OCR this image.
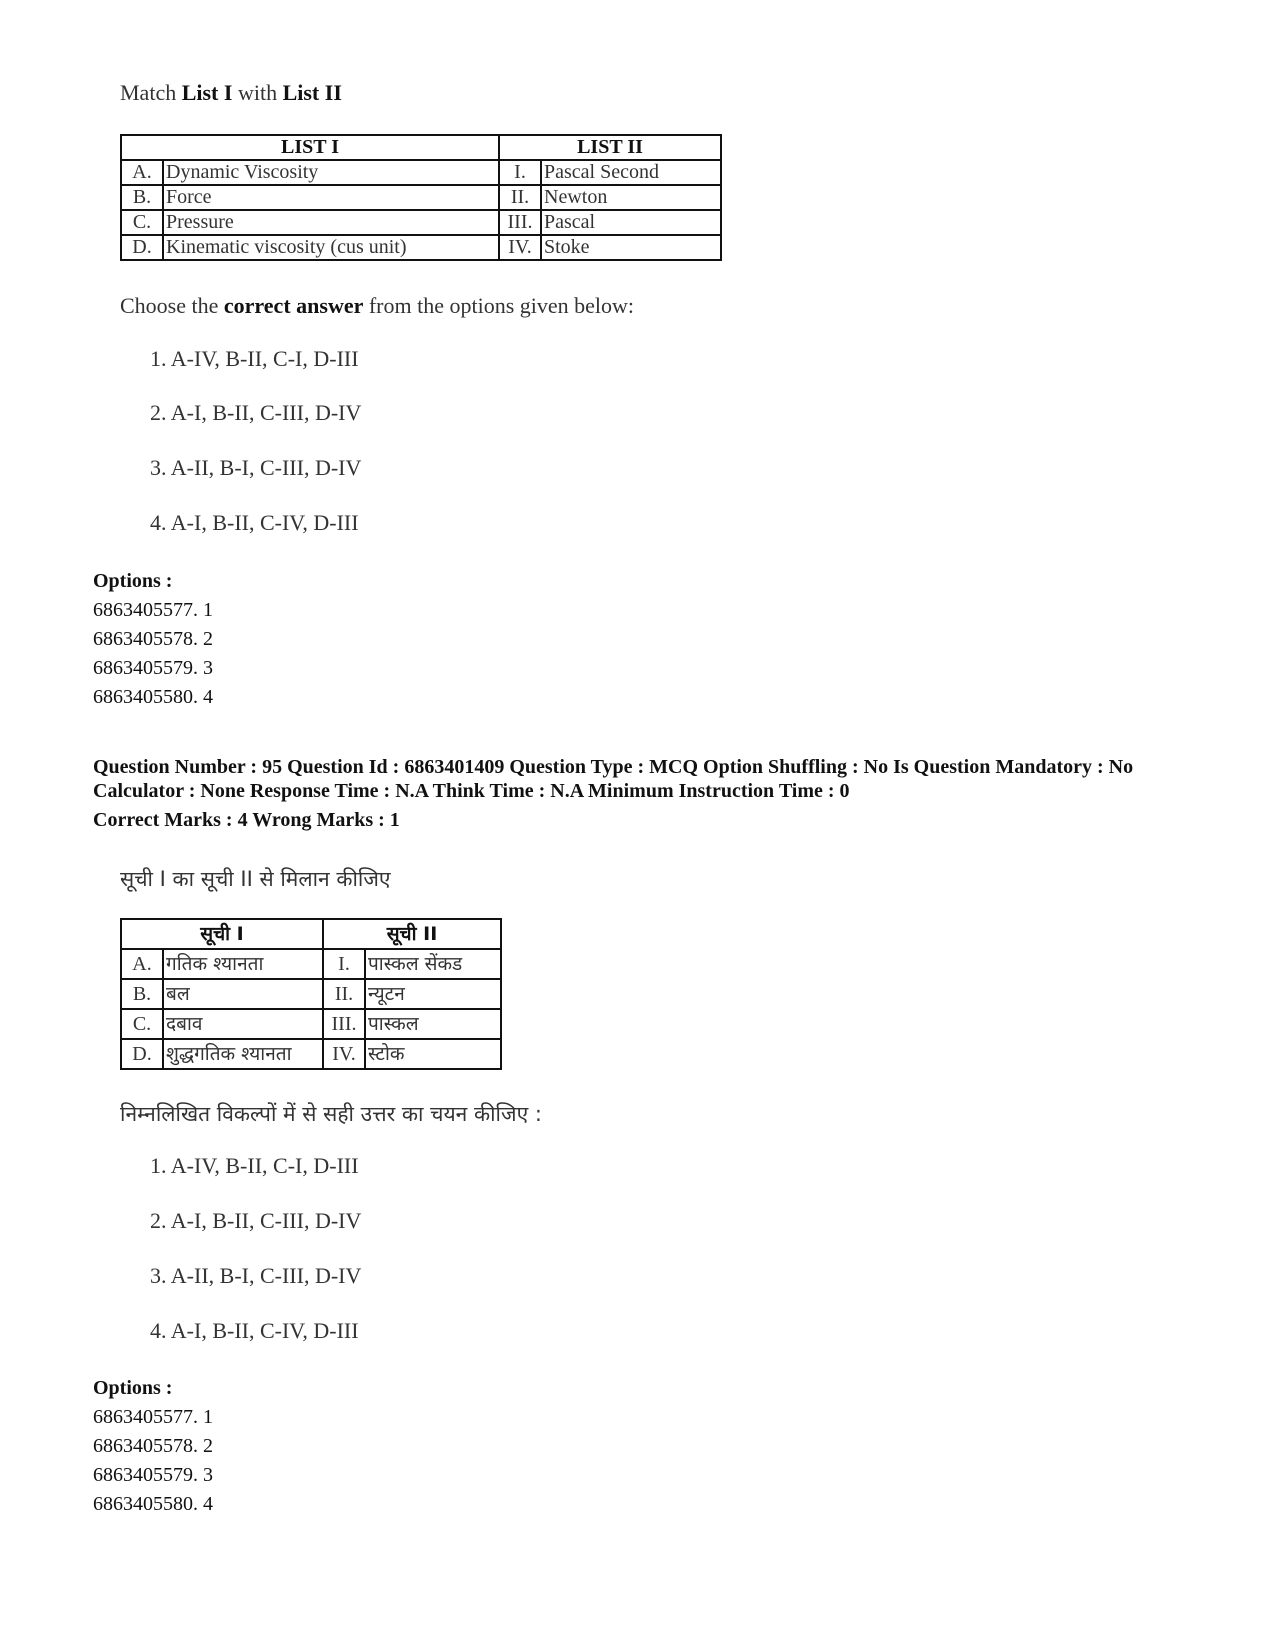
Match List I with List II
LIST I		LIST II	
A.	Dynamic Viscosity	I.	Pascal Second
B.	Force	II.	Newton
C.	Pressure	III.	Pascal
D.	Kinematic viscosity (cus unit)	IV.	Stoke
Choose the correct answer from the options given below:
1. A-IV, B-II, C-I, D-III
2. A-I, B-II, C-III, D-IV
3. A-II, B-I, C-III, D-IV
4. A-I, B-II, C-IV, D-III
Options :
6863405577. 1
6863405578. 2
6863405579. 3
6863405580. 4
Question Number : 95 Question Id : 6863401409 Question Type : MCQ Option Shuffling : No Is Question Mandatory : No Calculator : None Response Time : N.A Think Time : N.A Minimum Instruction Time : 0
Correct Marks : 4 Wrong Marks : 1
सूची I का सूची II से मिलान कीजिए
सूची I		सूची II	
A.	गतिक श्यानता	I.	पास्कल सेंकड
B.	बल	II.	न्यूटन
C.	दबाव	III.	पास्कल
D.	शुद्धगतिक श्यानता	IV.	स्टोक
निम्नलिखित विकल्पों में से सही उत्तर का चयन कीजिए :
1. A-IV, B-II, C-I, D-III
2. A-I, B-II, C-III, D-IV
3. A-II, B-I, C-III, D-IV
4. A-I, B-II, C-IV, D-III
Options :
6863405577. 1
6863405578. 2
6863405579. 3
6863405580. 4
